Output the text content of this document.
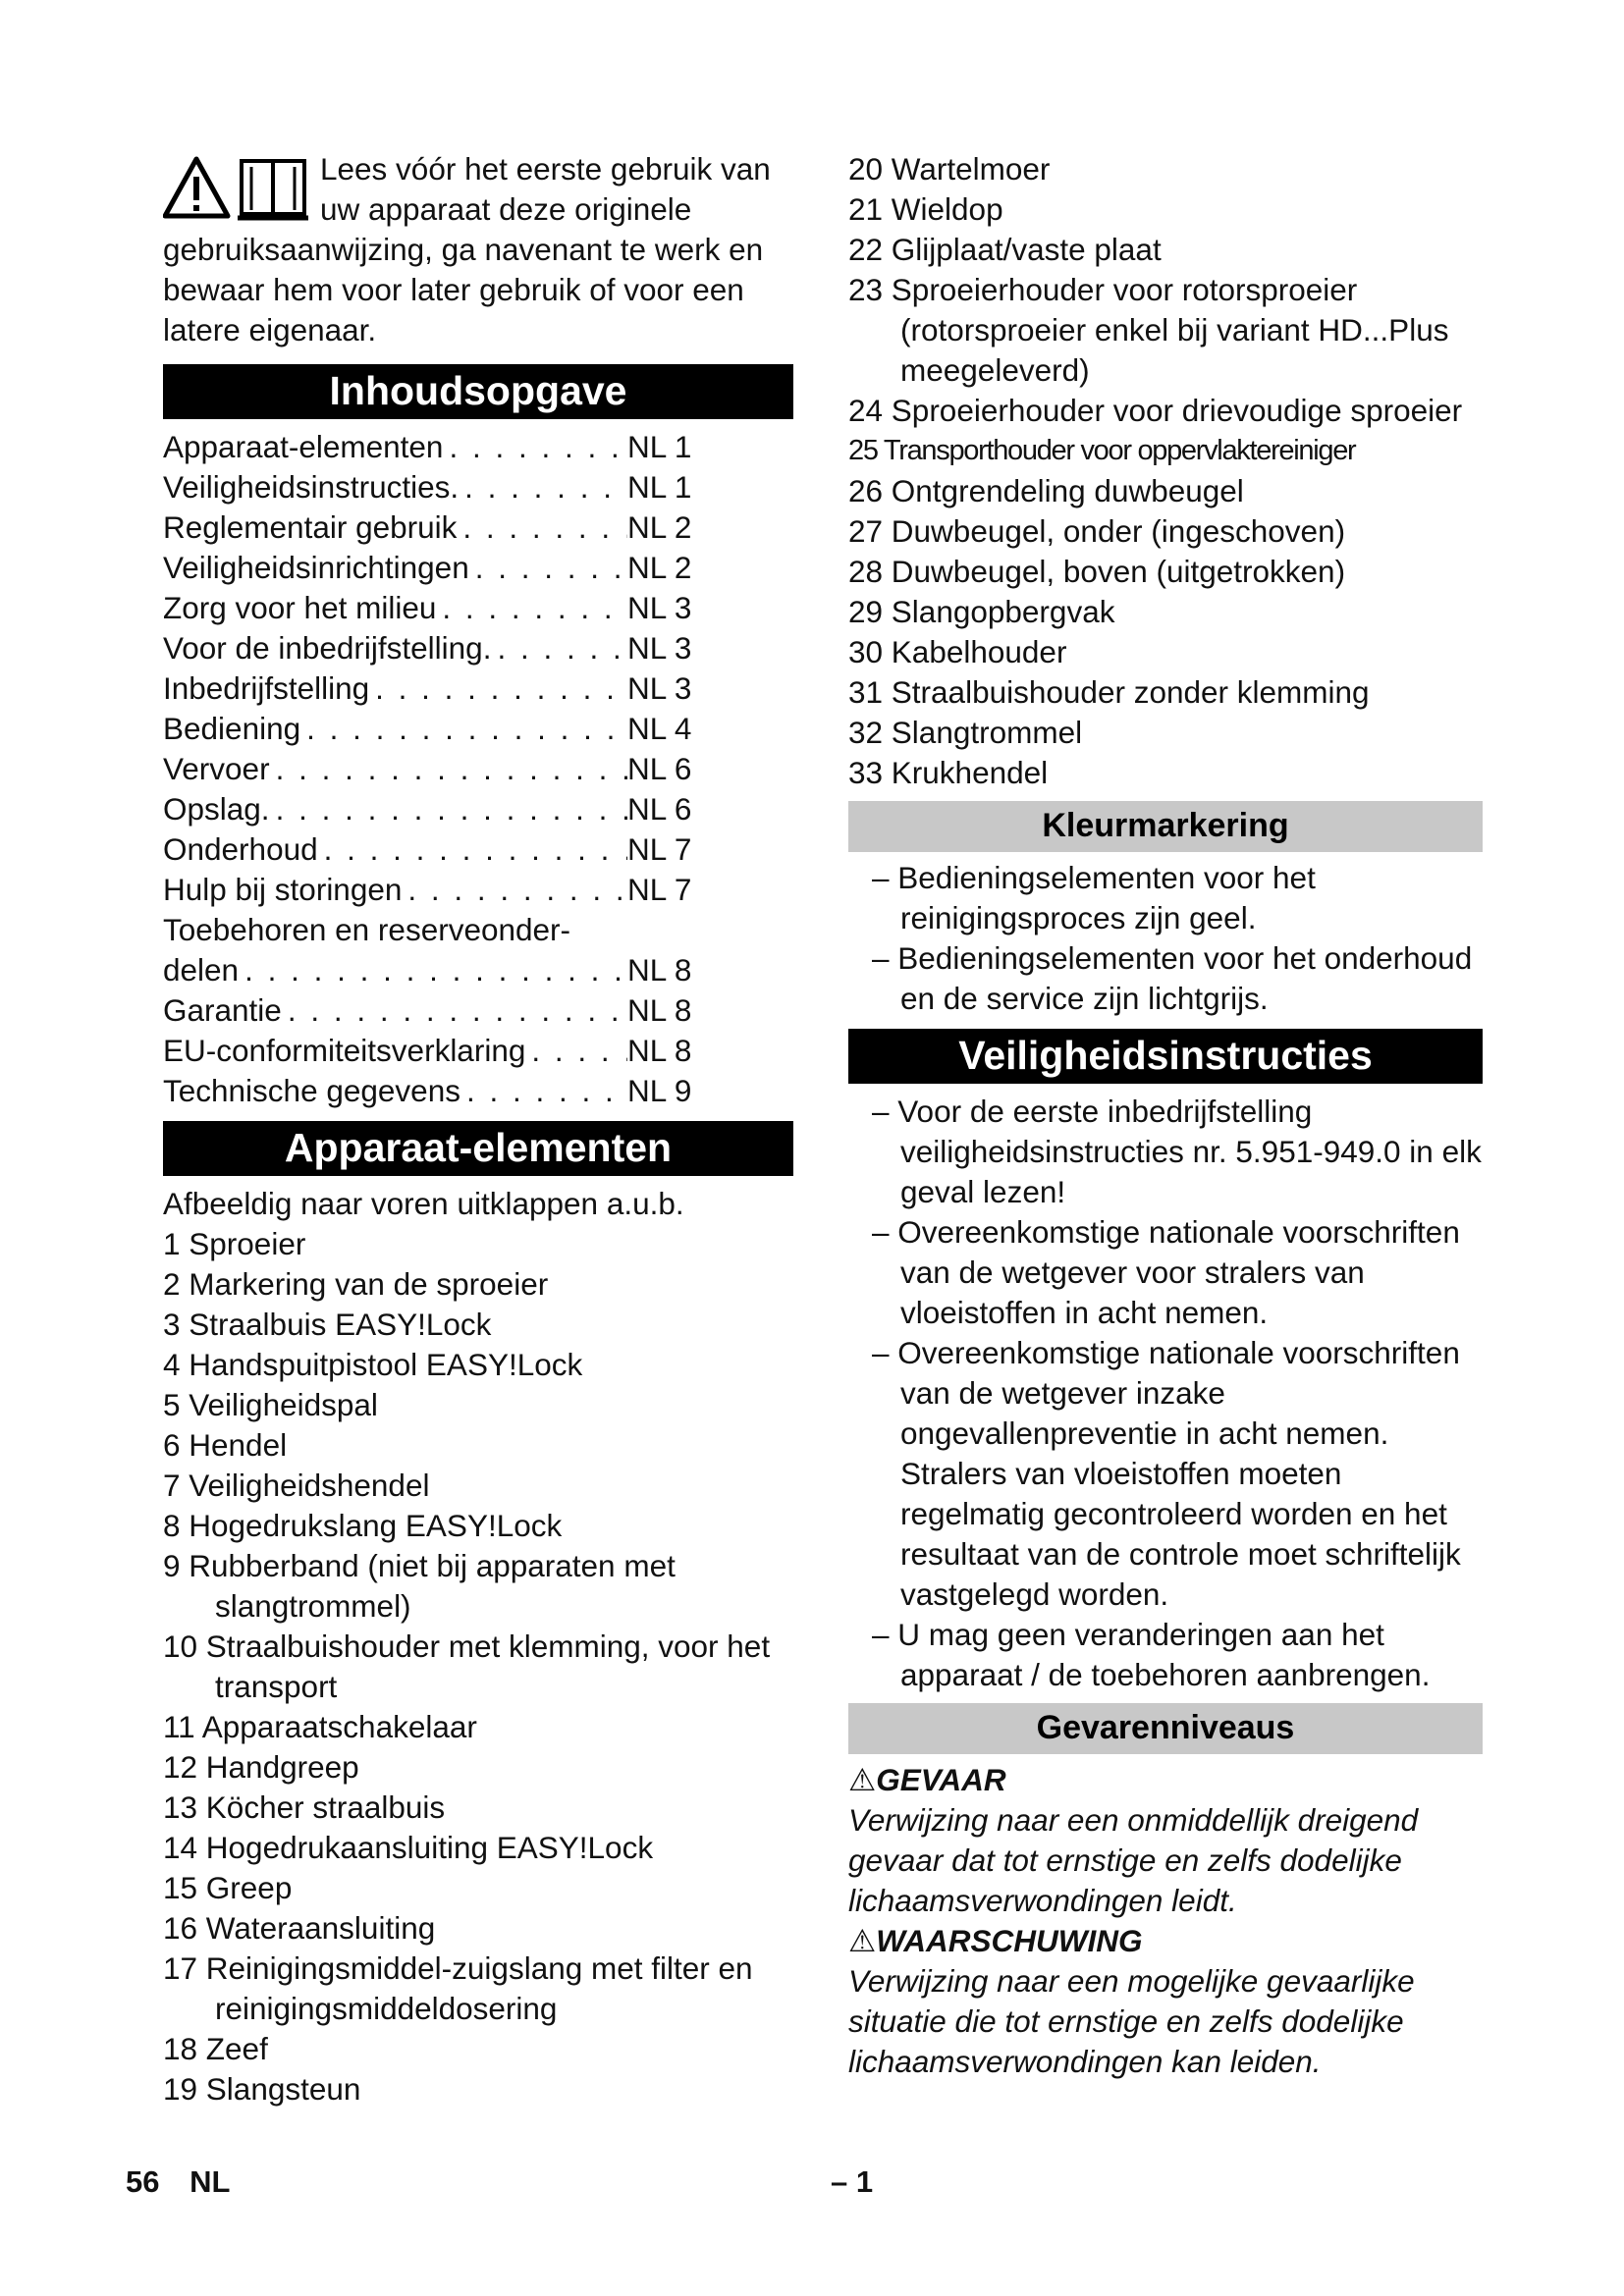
Lees vóór het eerste gebruik van uw apparaat deze originele gebruiksaanwijzing, ga navenant te werk en bewaar hem voor later gebruik of voor een latere eigenaar.

Inhoudsopgave
Apparaat-elementen . . .	NL 1
Veiligheidsinstructies. . . .	NL 1
Reglementair gebruik . . .	NL 2
Veiligheidsinrichtingen . . .	NL 2
Zorg voor het milieu . . .	NL 3
Voor de inbedrijfstelling. . . .	NL 3
Inbedrijfstelling . . .	NL 3
Bediening . . .	NL 4
Vervoer . . .	NL 6
Opslag. . . .	NL 6
Onderhoud . . .	NL 7
Hulp bij storingen . . .	NL 7
Toebehoren en reserveonder-
delen . . .	NL 8
Garantie . . .	NL 8
EU-conformiteitsverklaring . . .	NL 8
Technische gegevens . . .	NL 9
Apparaat-elementen

Afbeeldig naar voren uitklappen a.u.b.

1 Sproeier

2 Markering van de sproeier

3 Straalbuis EASY!Lock

4 Handspuitpistool EASY!Lock

5 Veiligheidspal

6 Hendel

7 Veiligheidshendel

8 Hogedrukslang EASY!Lock

9 Rubberband (niet bij apparaten met slangtrommel)

10 Straalbuishouder met klemming, voor het transport

11 Apparaatschakelaar

12 Handgreep

13 Köcher straalbuis

14 Hogedrukaansluiting EASY!Lock

15 Greep

16 Wateraansluiting

17 Reinigingsmiddel-zuigslang met filter en reinigingsmiddeldosering

18 Zeef

19 Slangsteun

20 Wartelmoer

21 Wieldop

22 Glijplaat/vaste plaat

23 Sproeierhouder voor rotorsproeier (rotorsproeier enkel bij variant HD...Plus meegeleverd)

24 Sproeierhouder voor drievoudige sproeier

25 Transporthouder voor oppervlaktereiniger

26 Ontgrendeling duwbeugel

27 Duwbeugel, onder (ingeschoven)

28 Duwbeugel, boven (uitgetrokken)

29 Slangopbergvak

30 Kabelhouder

31 Straalbuishouder zonder klemming

32 Slangtrommel

33 Krukhendel

Kleurmarkering

– Bedieningselementen voor het reinigingsproces zijn geel.

– Bedieningselementen voor het onderhoud en de service zijn lichtgrijs.

Veiligheidsinstructies

– Voor de eerste inbedrijfstelling veiligheidsinstructies nr. 5.951-949.0 in elk geval lezen!

– Overeenkomstige nationale voorschriften van de wetgever voor stralers van vloeistoffen in acht nemen.

– Overeenkomstige nationale voorschriften van de wetgever inzake ongevallenpreventie in acht nemen. Stralers van vloeistoffen moeten regelmatig gecontroleerd worden en het resultaat van de controle moet schriftelijk vastgelegd worden.

– U mag geen veranderingen aan het apparaat / de toebehoren aanbrengen.

Gevarenniveaus

⚠GEVAAR

Verwijzing naar een onmiddellijk dreigend gevaar dat tot ernstige en zelfs dodelijke lichaamsverwondingen leidt.

⚠WAARSCHUWING

Verwijzing naar een mogelijke gevaarlijke situatie die tot ernstige en zelfs dodelijke lichaamsverwondingen kan leiden.

56 NL	– 1
